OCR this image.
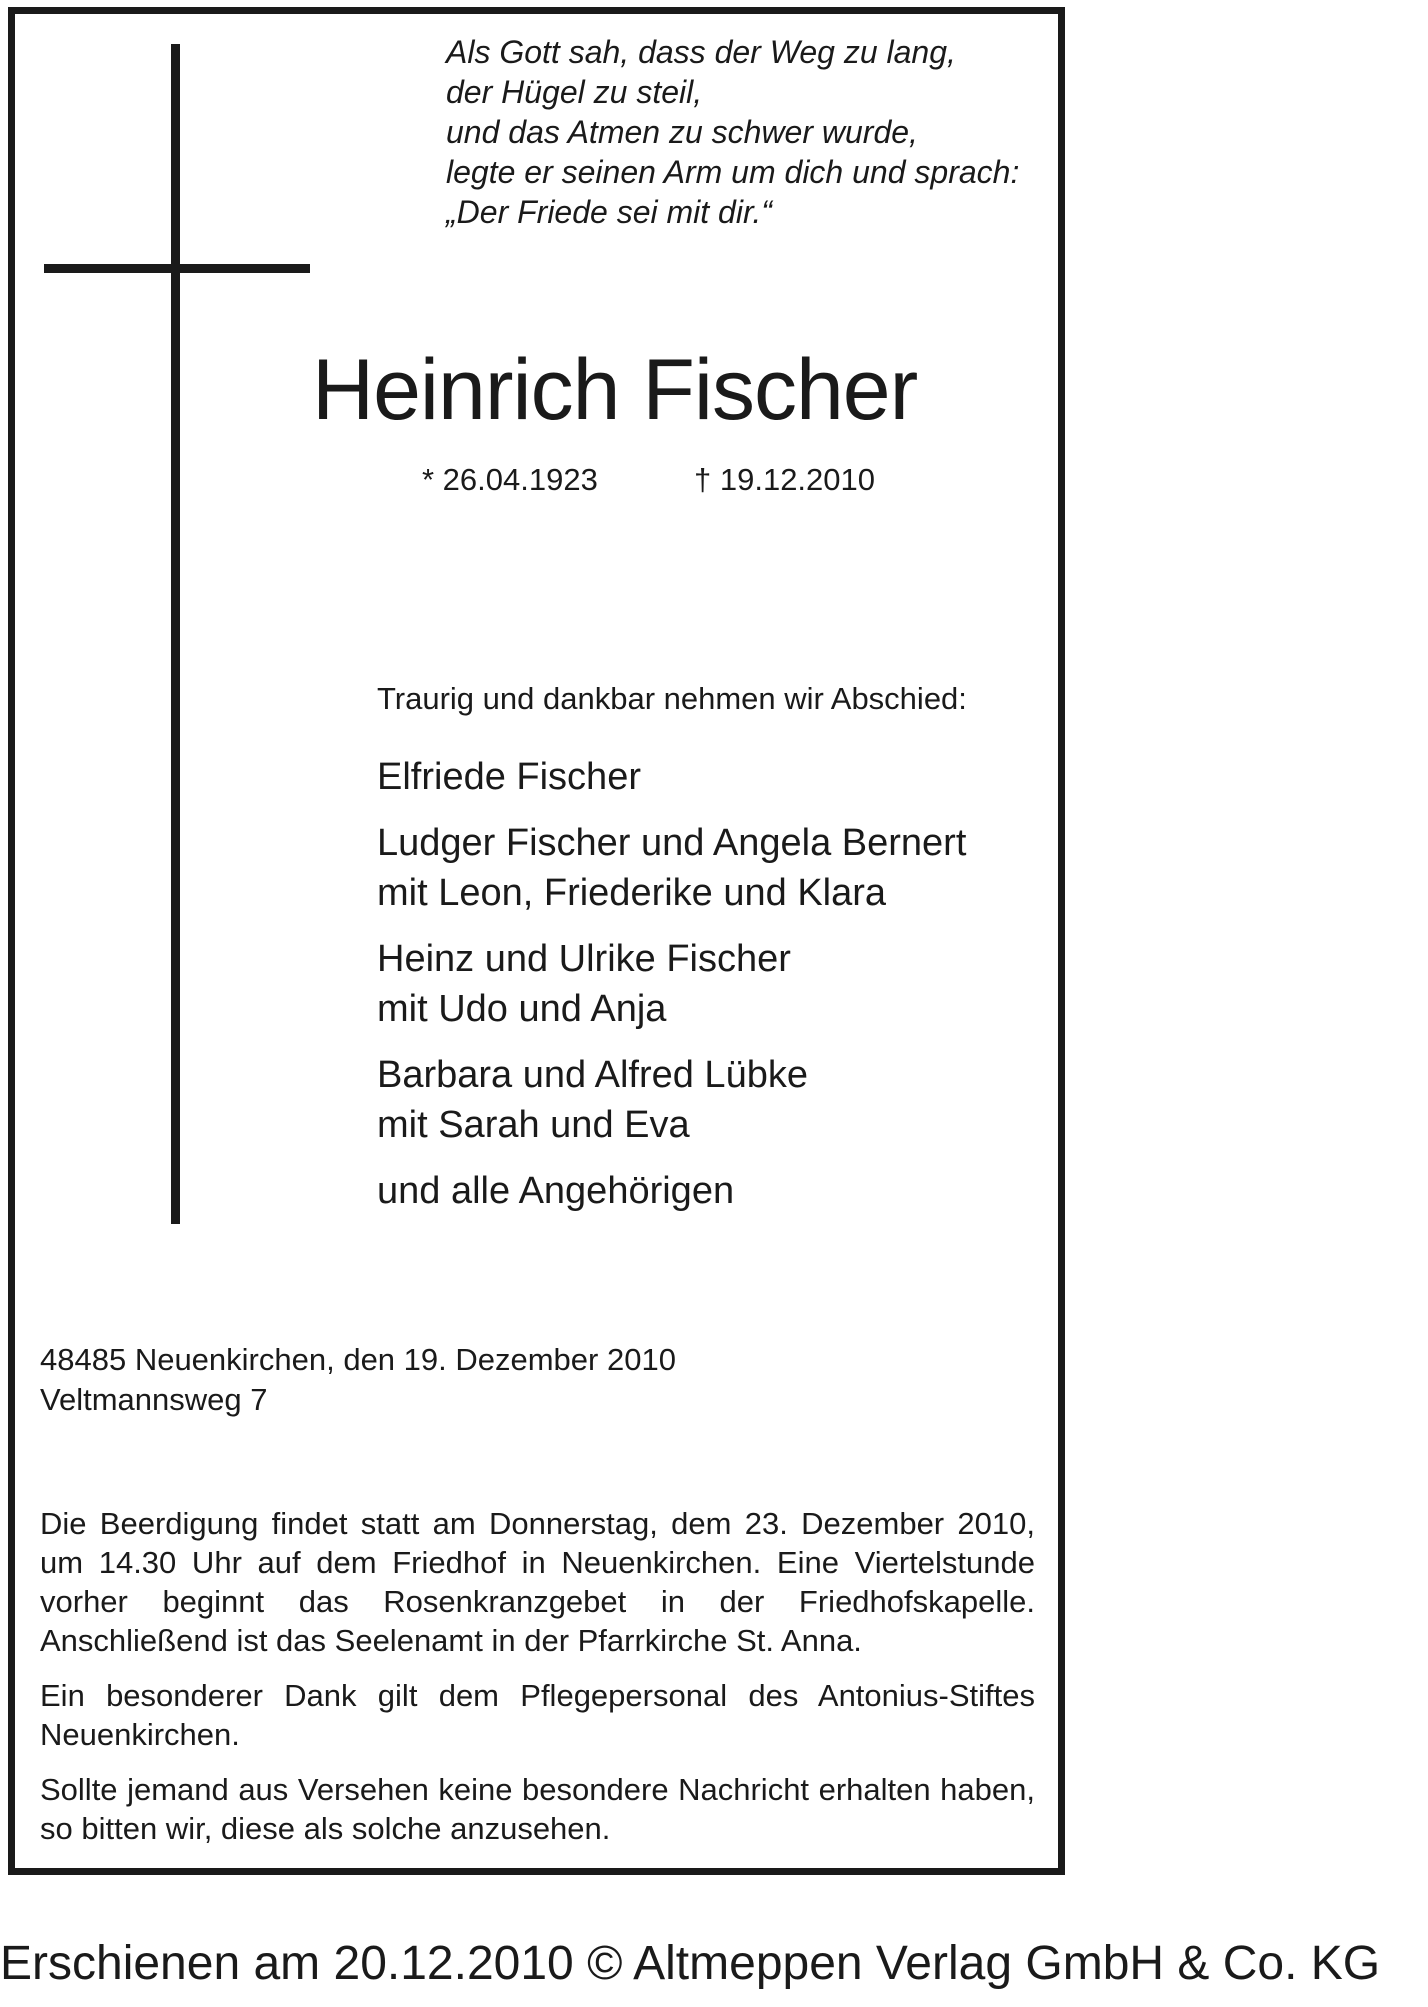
Als Gott sah, dass der Weg zu lang,
der Hügel zu steil,
und das Atmen zu schwer wurde,
legte er seinen Arm um dich und sprach:
„Der Friede sei mit dir.“
Heinrich Fischer
* 26.04.1923	† 19.12.2010
Traurig und dankbar nehmen wir Abschied:
Elfriede Fischer
Ludger Fischer und Angela Bernert
mit Leon, Friederike und Klara
Heinz und Ulrike Fischer
mit Udo und Anja
Barbara und Alfred Lübke
mit Sarah und Eva
und alle Angehörigen
48485 Neuenkirchen, den 19. Dezember 2010
Veltmannsweg 7

Die Beerdigung findet statt am Donnerstag, dem 23. Dezember 2010, um 14.30 Uhr auf dem Friedhof in Neuenkirchen. Eine Viertelstunde vorher beginnt das Rosenkranzgebet in der Friedhofskapelle. Anschließend ist das Seelenamt in der Pfarrkirche St. Anna.

Ein besonderer Dank gilt dem Pflegepersonal des Antonius-Stiftes Neuenkirchen.

Sollte jemand aus Versehen keine besondere Nachricht erhalten haben, so bitten wir, diese als solche anzusehen.

Erschienen am 20.12.2010 © Altmeppen Verlag GmbH & Co. KG
